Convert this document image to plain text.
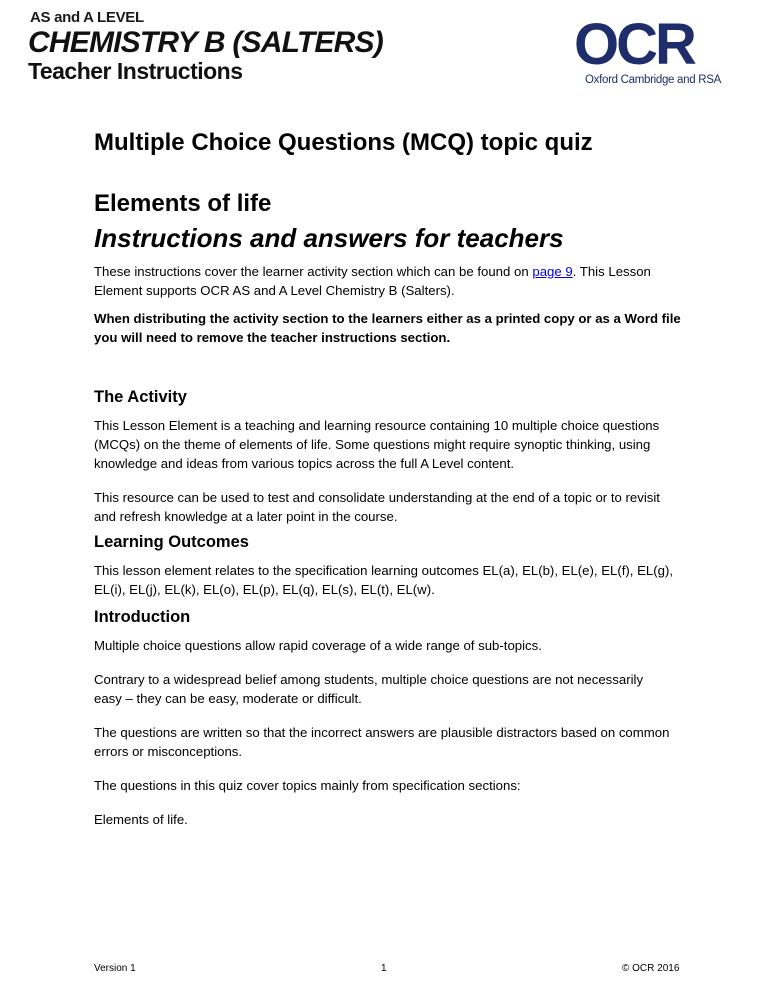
AS and A LEVEL
CHEMISTRY B (SALTERS)
Teacher Instructions	OCR
Oxford Cambridge and RSA
Multiple Choice Questions (MCQ) topic quiz
Elements of life
Instructions and answers for teachers

These instructions cover the learner activity section which can be found on page 9. This Lesson Element supports OCR AS and A Level Chemistry B (Salters).

When distributing the activity section to the learners either as a printed copy or as a Word file you will need to remove the teacher instructions section.

The Activity

This Lesson Element is a teaching and learning resource containing 10 multiple choice questions (MCQs) on the theme of elements of life. Some questions might require synoptic thinking, using knowledge and ideas from various topics across the full A Level content.

This resource can be used to test and consolidate understanding at the end of a topic or to revisit and refresh knowledge at a later point in the course.

Learning Outcomes

This lesson element relates to the specification learning outcomes EL(a), EL(b), EL(e), EL(f), EL(g), EL(i), EL(j), EL(k), EL(o), EL(p), EL(q), EL(s), EL(t), EL(w).

Introduction

Multiple choice questions allow rapid coverage of a wide range of sub-topics.

Contrary to a widespread belief among students, multiple choice questions are not necessarily easy – they can be easy, moderate or difficult.

The questions are written so that the incorrect answers are plausible distractors based on common errors or misconceptions.

The questions in this quiz cover topics mainly from specification sections:

Elements of life.

Version 1	1	© OCR 2016
